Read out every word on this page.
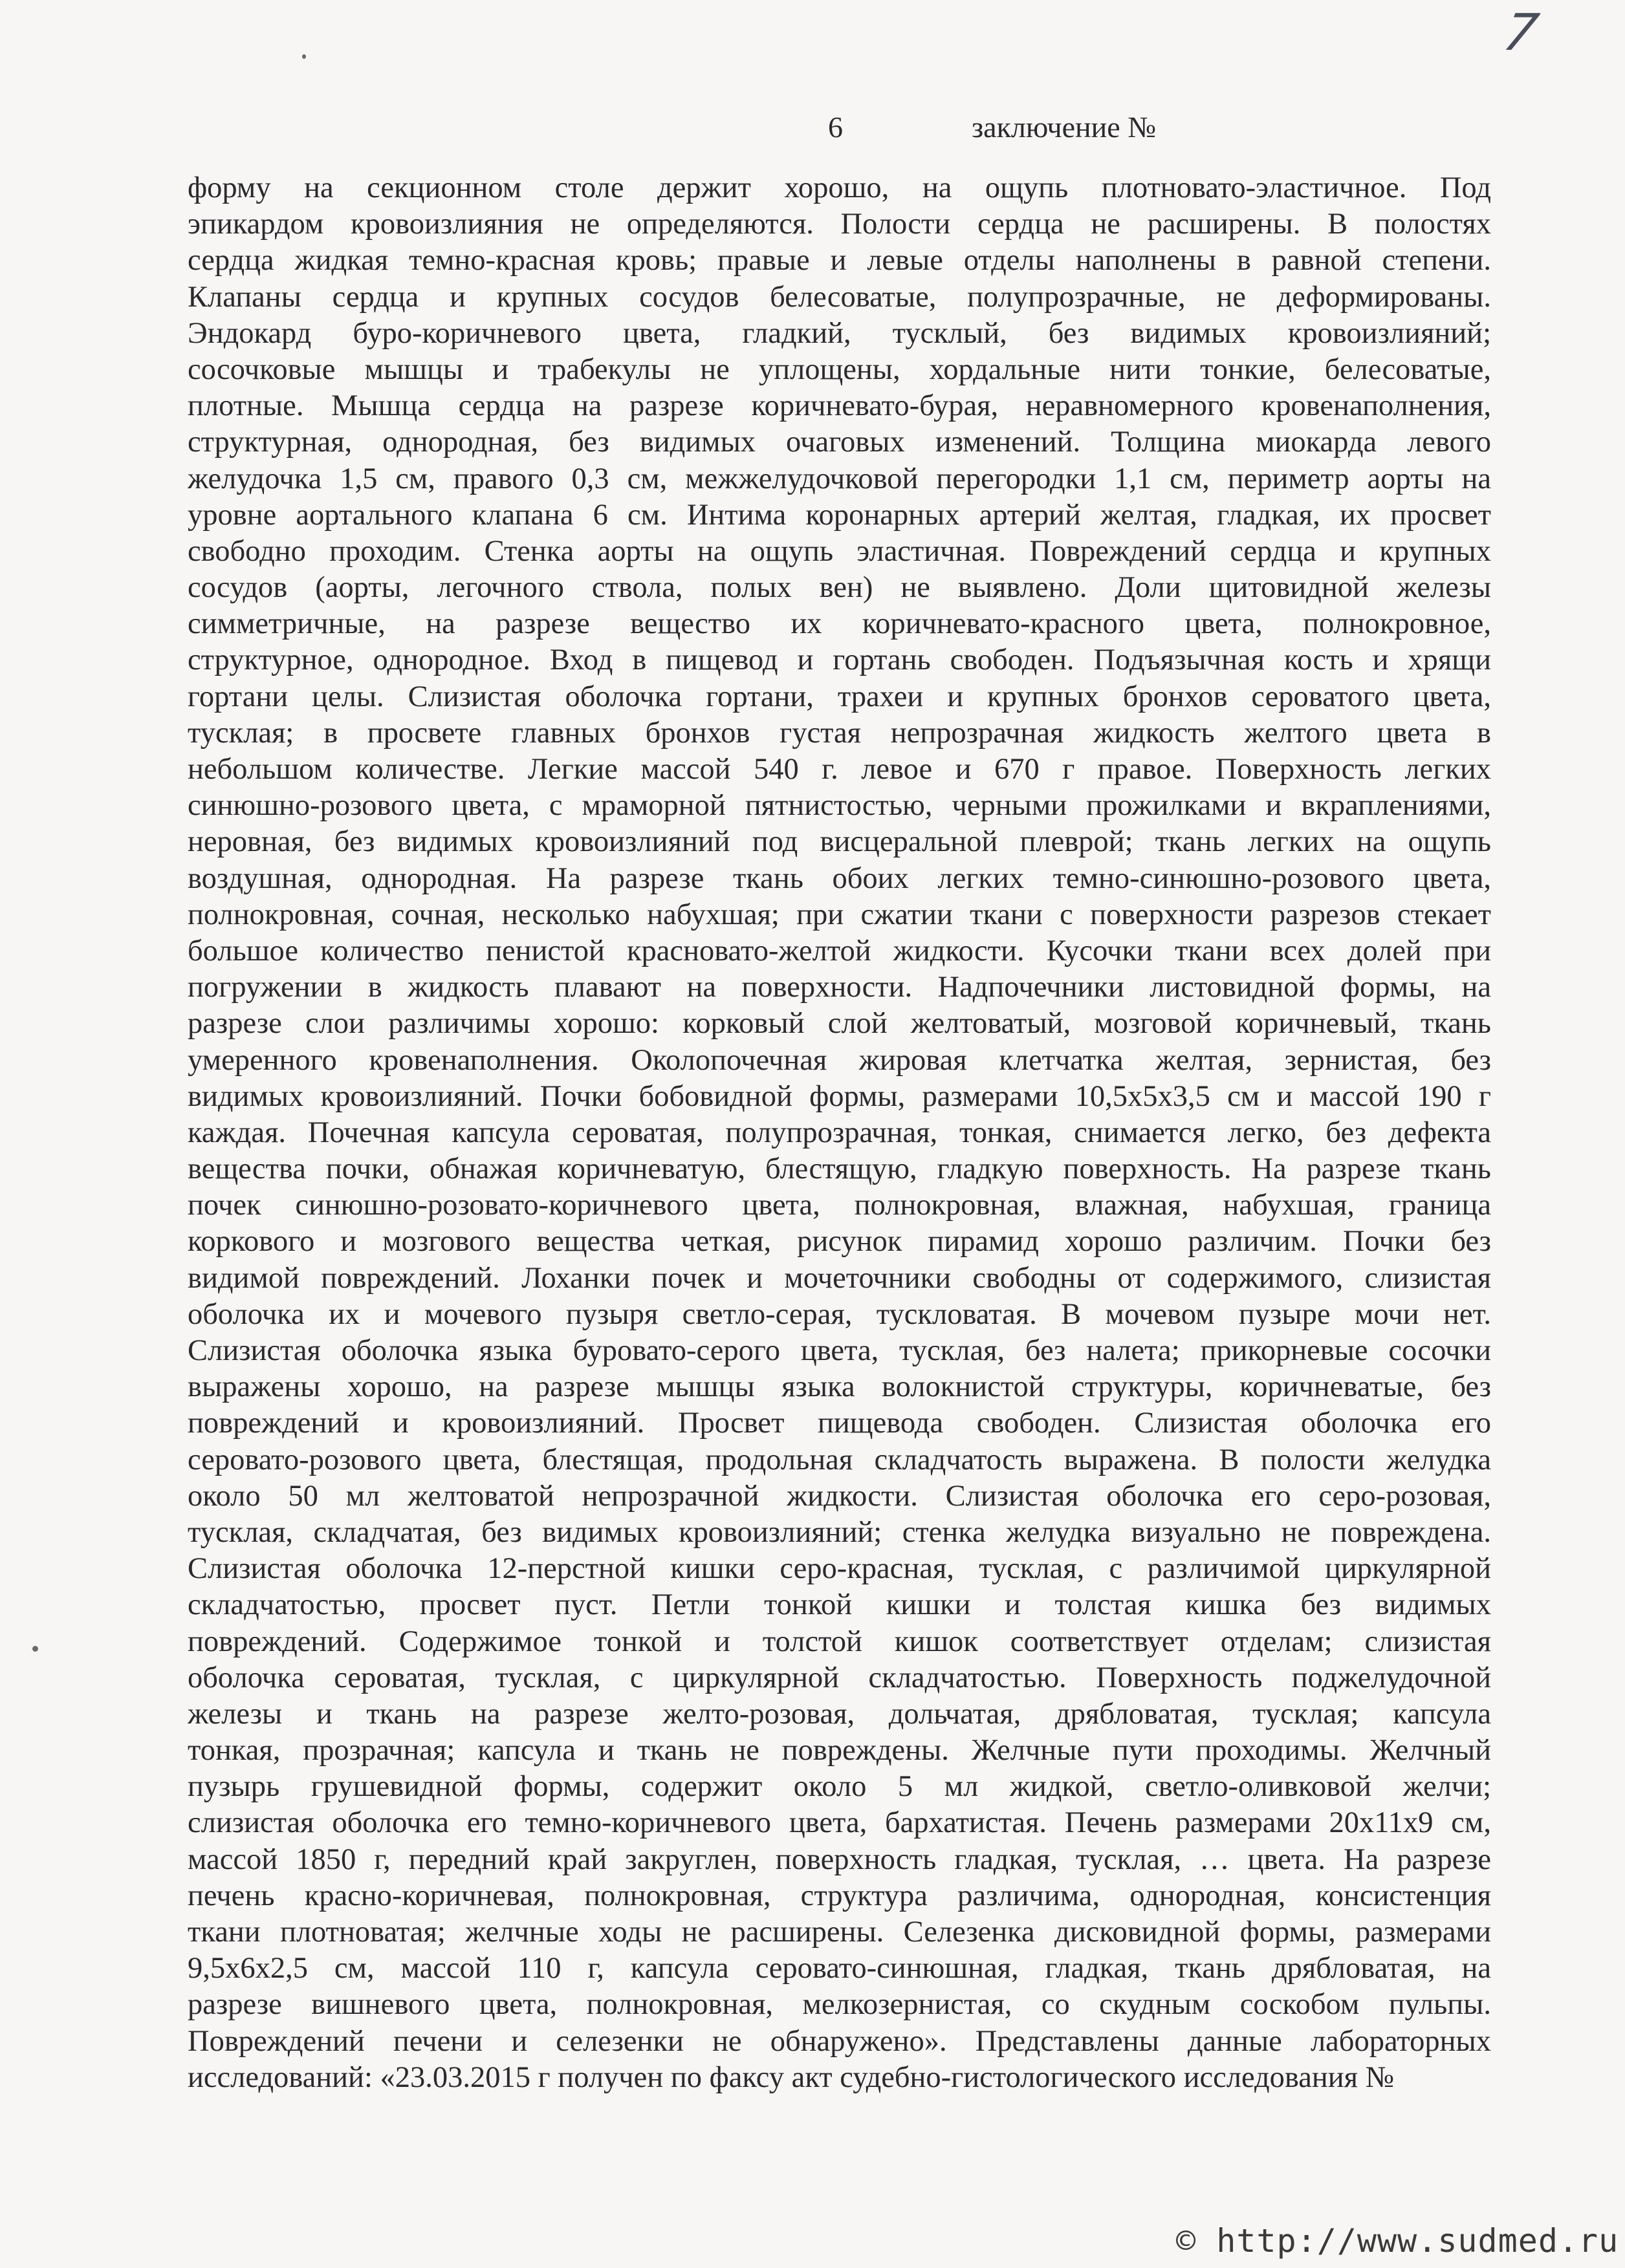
7
6	заключение №
форму на секционном столе держит хорошо, на ощупь плотновато-эластичное. Под
эпикардом кровоизлияния не определяются. Полости сердца не расширены. В полостях
сердца жидкая темно-красная кровь; правые и левые отделы наполнены в равной степени.
Клапаны сердца и крупных сосудов белесоватые, полупрозрачные, не деформированы.
Эндокард буро-коричневого цвета, гладкий, тусклый, без видимых кровоизлияний;
сосочковые мышцы и трабекулы не уплощены, хордальные нити тонкие, белесоватые,
плотные. Мышца сердца на разрезе коричневато-бурая, неравномерного кровенаполнения,
структурная, однородная, без видимых очаговых изменений. Толщина миокарда левого
желудочка 1,5 см, правого 0,3 см, межжелудочковой перегородки 1,1 см, периметр аорты на
уровне аортального клапана 6 см. Интима коронарных артерий желтая, гладкая, их просвет
свободно проходим. Стенка аорты на ощупь эластичная. Повреждений сердца и крупных
сосудов (аорты, легочного ствола, полых вен) не выявлено. Доли щитовидной железы
симметричные, на разрезе вещество их коричневато-красного цвета, полнокровное,
структурное, однородное. Вход в пищевод и гортань свободен. Подъязычная кость и хрящи
гортани целы. Слизистая оболочка гортани, трахеи и крупных бронхов сероватого цвета,
тусклая; в просвете главных бронхов густая непрозрачная жидкость желтого цвета в
небольшом количестве. Легкие массой 540 г. левое и 670 г правое. Поверхность легких
синюшно-розового цвета, с мраморной пятнистостью, черными прожилками и вкраплениями,
неровная, без видимых кровоизлияний под висцеральной плеврой; ткань легких на ощупь
воздушная, однородная. На разрезе ткань обоих легких темно-синюшно-розового цвета,
полнокровная, сочная, несколько набухшая; при сжатии ткани с поверхности разрезов стекает
большое количество пенистой красновато-желтой жидкости. Кусочки ткани всех долей при
погружении в жидкость плавают на поверхности. Надпочечники листовидной формы, на
разрезе слои различимы хорошо: корковый слой желтоватый, мозговой коричневый, ткань
умеренного кровенаполнения. Околопочечная жировая клетчатка желтая, зернистая, без
видимых кровоизлияний. Почки бобовидной формы, размерами 10,5х5х3,5 см и массой 190 г
каждая. Почечная капсула сероватая, полупрозрачная, тонкая, снимается легко, без дефекта
вещества почки, обнажая коричневатую, блестящую, гладкую поверхность. На разрезе ткань
почек синюшно-розовато-коричневого цвета, полнокровная, влажная, набухшая, граница
коркового и мозгового вещества четкая, рисунок пирамид хорошо различим. Почки без
видимой повреждений. Лоханки почек и мочеточники свободны от содержимого, слизистая
оболочка их и мочевого пузыря светло-серая, тускловатая. В мочевом пузыре мочи нет.
Слизистая оболочка языка буровато-серого цвета, тусклая, без налета; прикорневые сосочки
выражены хорошо, на разрезе мышцы языка волокнистой структуры, коричневатые, без
повреждений и кровоизлияний. Просвет пищевода свободен. Слизистая оболочка его
серовато-розового цвета, блестящая, продольная складчатость выражена. В полости желудка
около 50 мл желтоватой непрозрачной жидкости. Слизистая оболочка его серо-розовая,
тусклая, складчатая, без видимых кровоизлияний; стенка желудка визуально не повреждена.
Слизистая оболочка 12-перстной кишки серо-красная, тусклая, с различимой циркулярной
складчатостью, просвет пуст. Петли тонкой кишки и толстая кишка без видимых
повреждений. Содержимое тонкой и толстой кишок соответствует отделам; слизистая
оболочка сероватая, тусклая, с циркулярной складчатостью. Поверхность поджелудочной
железы и ткань на разрезе желто-розовая, дольчатая, дрябловатая, тусклая; капсула
тонкая, прозрачная; капсула и ткань не повреждены. Желчные пути проходимы. Желчный
пузырь грушевидной формы, содержит около 5 мл жидкой, светло-оливковой желчи;
слизистая оболочка его темно-коричневого цвета, бархатистая. Печень размерами 20х11х9 см,
массой 1850 г, передний край закруглен, поверхность гладкая, тусклая, … цвета. На разрезе
печень красно-коричневая, полнокровная, структура различима, однородная, консистенция
ткани плотноватая; желчные ходы не расширены. Селезенка дисковидной формы, размерами
9,5х6х2,5 см, массой 110 г, капсула серовато-синюшная, гладкая, ткань дрябловатая, на
разрезе вишневого цвета, полнокровная, мелкозернистая, со скудным соскобом пульпы.
Повреждений печени и селезенки не обнаружено». Представлены данные лабораторных
исследований: «23.03.2015 г получен по факсу акт судебно-гистологического исследования №
© http://www.sudmed.ru
